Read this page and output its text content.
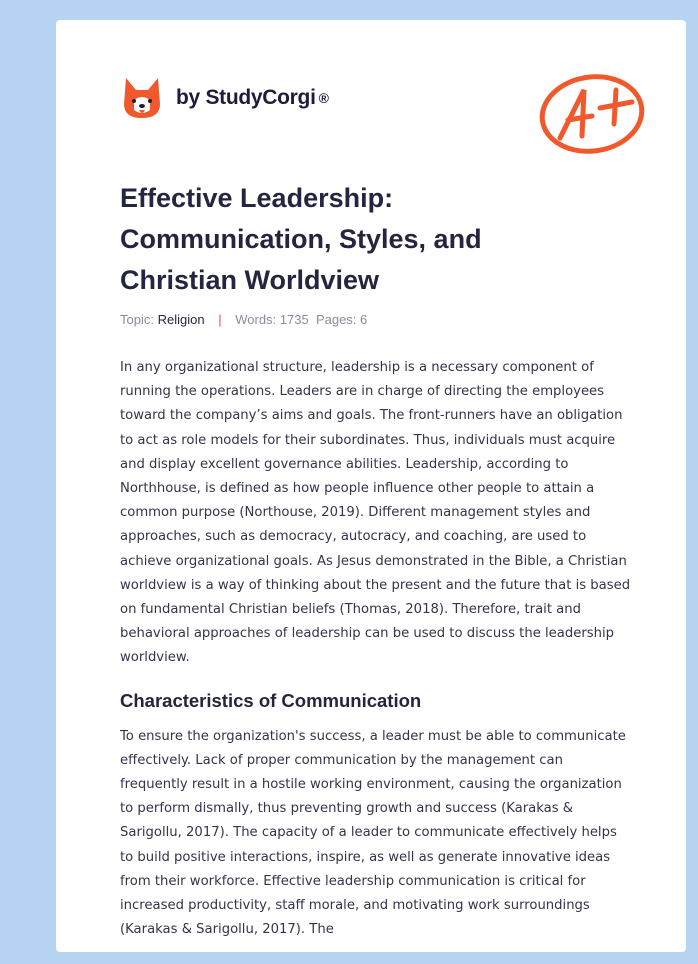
by StudyCorgi ®
Effective Leadership: Communication, Styles, and Christian Worldview
Topic: Religion | Words: 1735 Pages: 6

In any organizational structure, leadership is a necessary component of running the operations. Leaders are in charge of directing the employees toward the company’s aims and goals. The front-runners have an obligation to act as role models for their subordinates. Thus, individuals must acquire and display excellent governance abilities. Leadership, according to Northhouse, is defined as how people influence other people to attain a common purpose (Northouse, 2019). Different management styles and approaches, such as democracy, autocracy, and coaching, are used to achieve organizational goals. As Jesus demonstrated in the Bible, a Christian worldview is a way of thinking about the present and the future that is based on fundamental Christian beliefs (Thomas, 2018). Therefore, trait and behavioral approaches of leadership can be used to discuss the leadership worldview.

Characteristics of Communication

To ensure the organization's success, a leader must be able to communicate effectively. Lack of proper communication by the management can frequently result in a hostile working environment, causing the organization to perform dismally, thus preventing growth and success (Karakas & Sarigollu, 2017). The capacity of a leader to communicate effectively helps to build positive interactions, inspire, as well as generate innovative ideas from their workforce. Effective leadership communication is critical for increased productivity, staff morale, and motivating work surroundings (Karakas & Sarigollu, 2017). The
